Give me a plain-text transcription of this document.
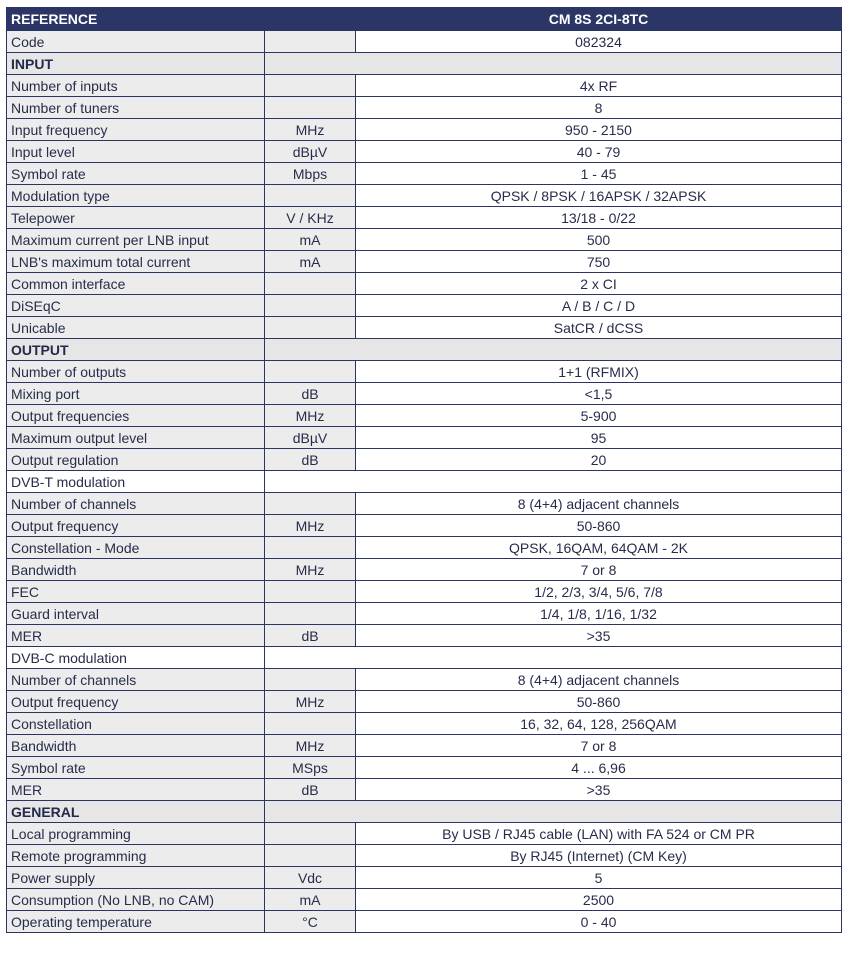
REFERENCE		CM 8S 2CI-8TC
Code		082324
INPUT		
Number of inputs		4x RF
Number of tuners		8
Input frequency	MHz	950 - 2150
Input level	dBµV	40 - 79
Symbol rate	Mbps	1 - 45
Modulation type		QPSK / 8PSK / 16APSK / 32APSK
Telepower	V / KHz	13/18 - 0/22
Maximum current per LNB input	mA	500
LNB's maximum total current	mA	750
Common interface		2 x CI
DiSEqC		A / B / C / D
Unicable		SatCR / dCSS
OUTPUT		
Number of outputs		1+1 (RFMIX)
Mixing port	dB	<1,5
Output frequencies	MHz	5-900
Maximum output level	dBµV	95
Output regulation	dB	20
DVB-T modulation		
Number of channels		8 (4+4) adjacent channels
Output frequency	MHz	50-860
Constellation - Mode		QPSK, 16QAM, 64QAM - 2K
Bandwidth	MHz	7 or 8
FEC		1/2, 2/3, 3/4, 5/6, 7/8
Guard interval		1/4, 1/8, 1/16, 1/32
MER	dB	>35
DVB-C modulation		
Number of channels		8 (4+4) adjacent channels
Output frequency	MHz	50-860
Constellation		16, 32, 64, 128, 256QAM
Bandwidth	MHz	7 or 8
Symbol rate	MSps	4 ... 6,96
MER	dB	>35
GENERAL		
Local programming		By USB / RJ45 cable (LAN) with FA 524 or CM PR
Remote programming		By RJ45 (Internet) (CM Key)
Power supply	Vdc	5
Consumption (No LNB, no CAM)	mA	2500
Operating temperature	°C	0 - 40
